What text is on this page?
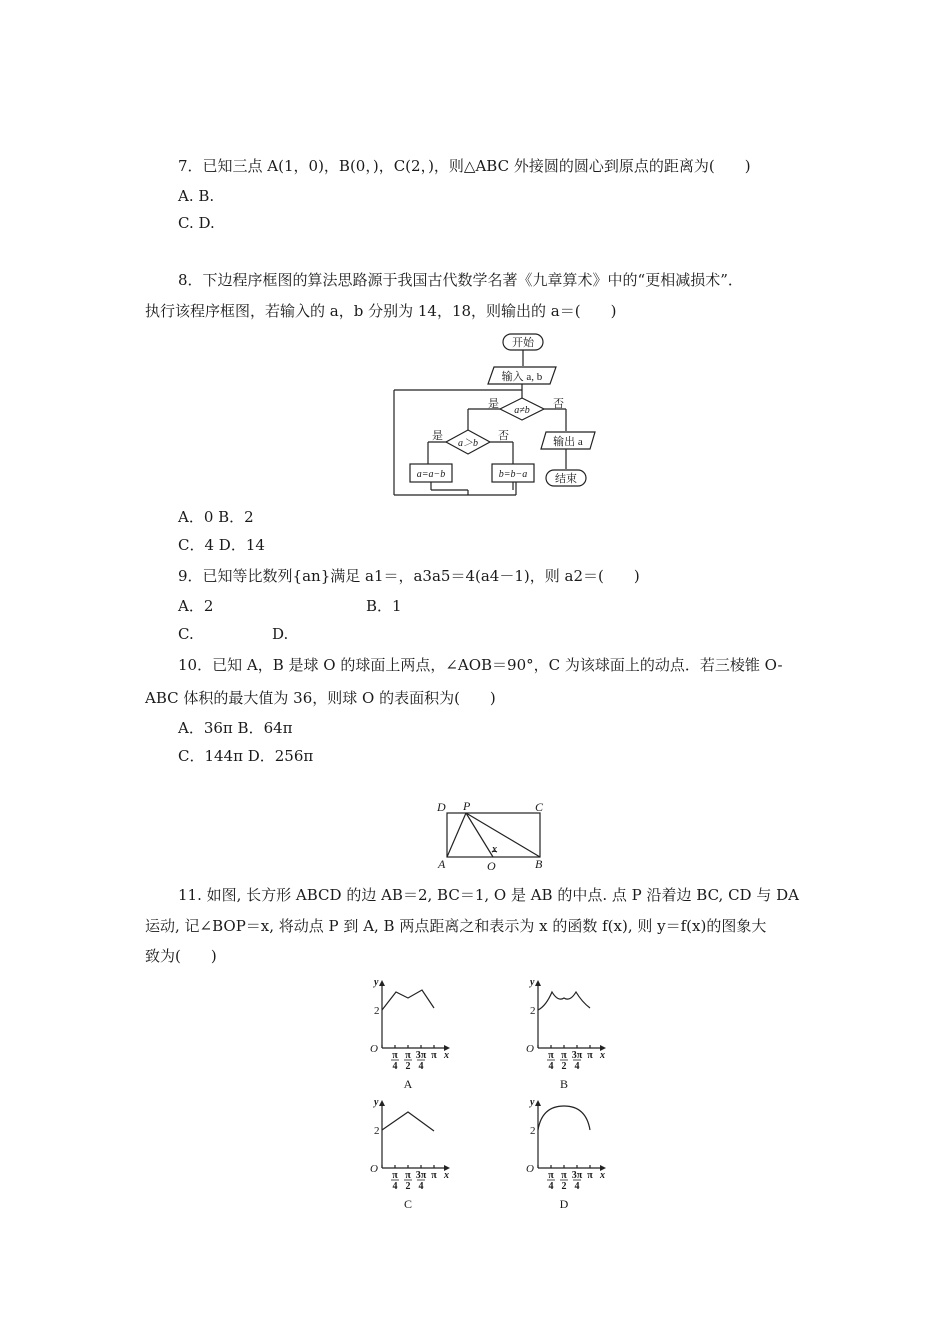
7．已知三点 A(1，0)，B(0，)，C(2，)，则△ABC 外接圆的圆心到原点的距离为(　　)
A. B.
C. D.
8．下边程序框图的算法思路源于我国古代数学名著《九章算术》中的“更相减损术”．
执行该程序框图，若输入的 a，b 分别为 14，18，则输出的 a＝(　　)
开始
输入 a, b
a≠b
是	否
输出 a
结束
a＞b
是	否
a=a−b	b=b−a
A．0 B．2
C．4 D．14
9．已知等比数列{an}满足 a1＝，a3a5＝4(a4－1)，则 a2＝(　　)
A．2	B．1
C.	D.
10．已知 A，B 是球 O 的球面上两点，∠AOB＝90°，C 为该球面上的动点．若三棱锥 O-
ABC 体积的最大值为 36，则球 O 的表面积为(　　)
A．36π B．64π
C．144π D．256π
D P	C
A	O	B
x
11. 如图, 长方形 ABCD 的边 AB＝2, BC＝1, O 是 AB 的中点. 点 P 沿着边 BC, CD 与 DA
运动, 记∠BOP＝x, 将动点 P 到 A, B 两点距离之和表示为 x 的函数 f(x), 则 y＝f(x)的图象大
致为(　　)
y
2
O
π
4
π
2
3π
4
π x
A
y
2
O
π
4
π
2
3π
4
π x
B
y
2
O
π
4
π
2
3π
4
π x
C
y
2
O
π
4
π
2
3π
4
π x
D
